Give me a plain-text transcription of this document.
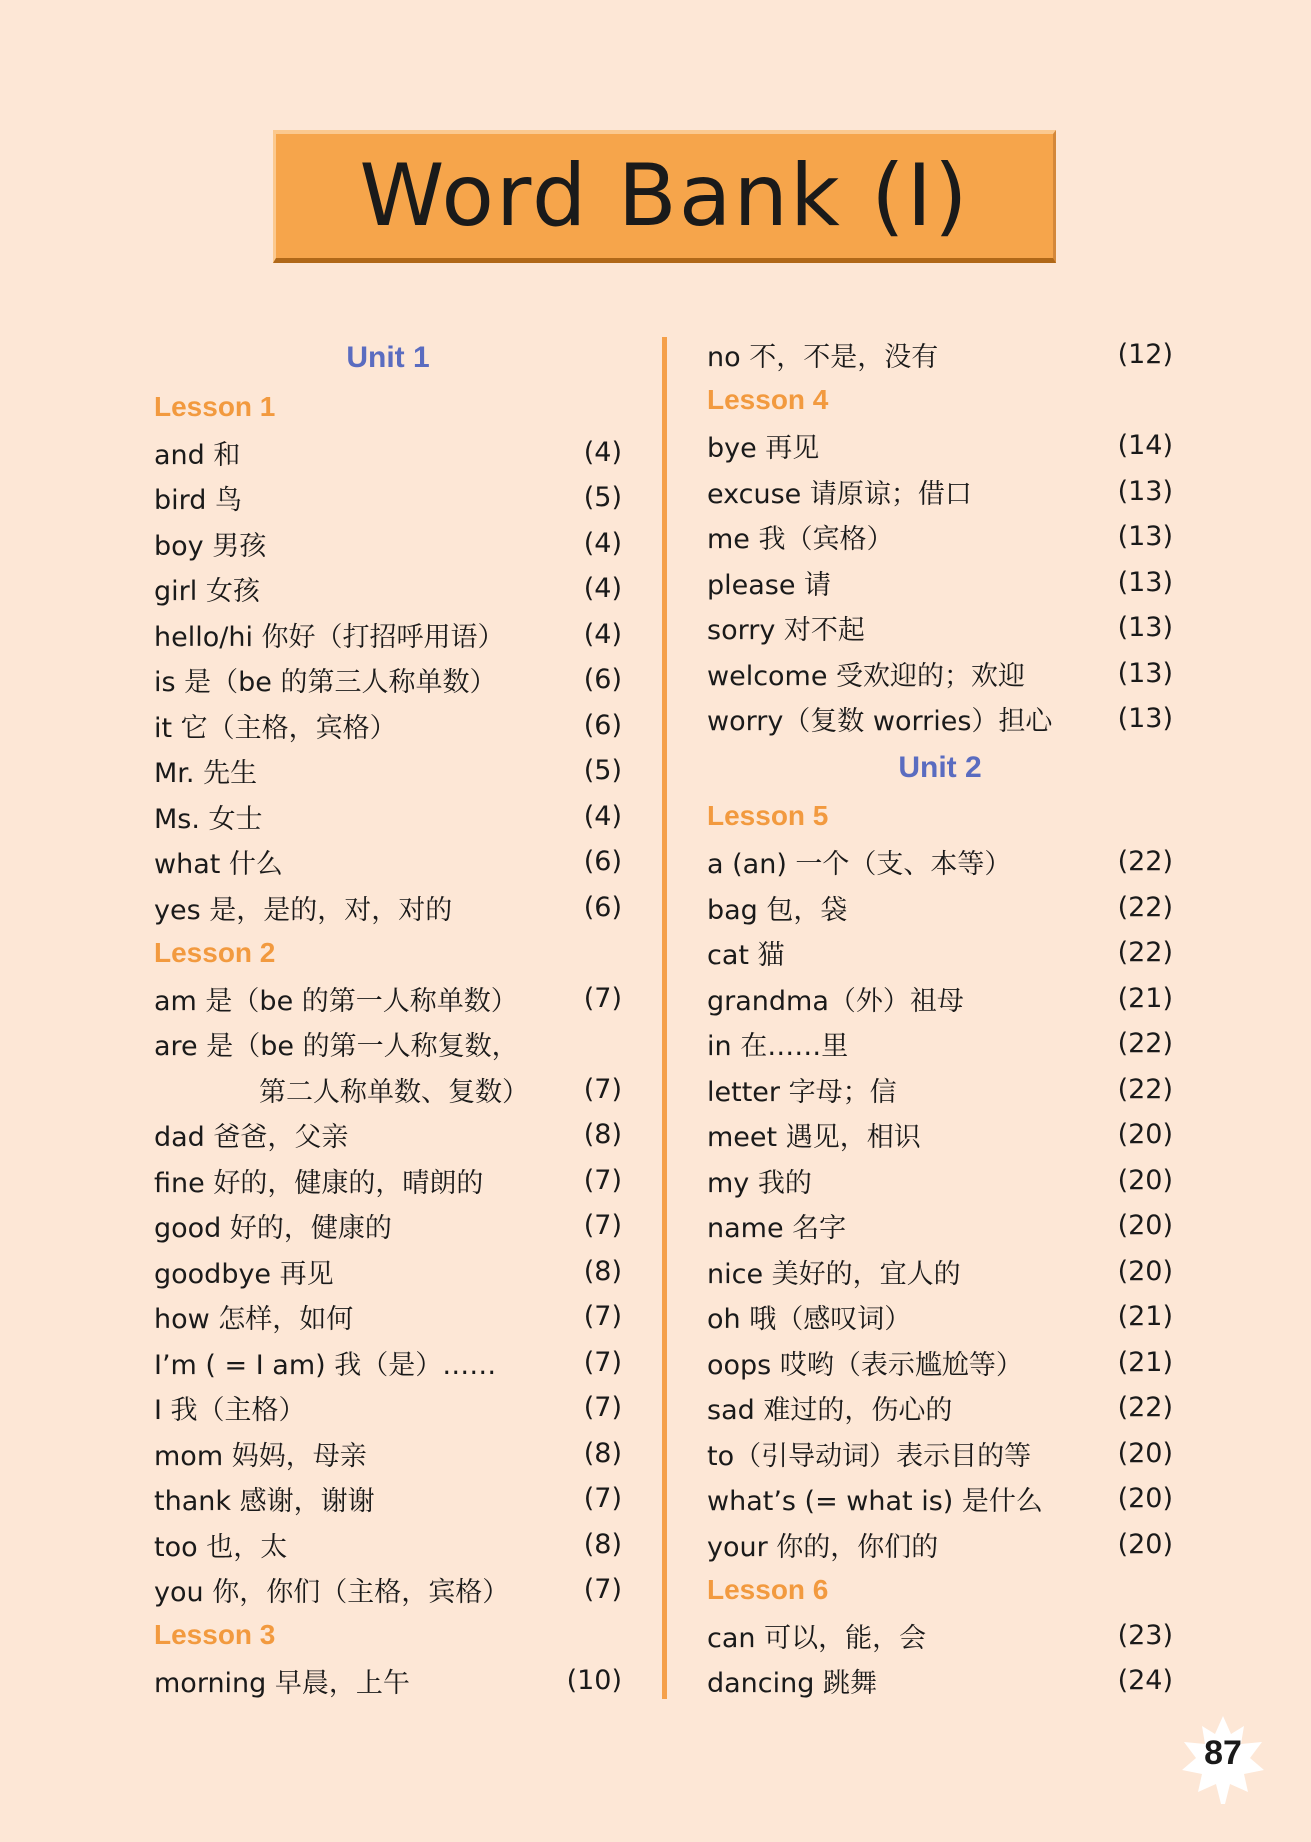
Word Bank (I)
Unit 1
Lesson 1
and 和	(4)
bird 鸟	(5)
boy 男孩	(4)
girl 女孩	(4)
hello/hi 你好（打招呼用语）	(4)
is 是（be 的第三人称单数）	(6)
it 它（主格，宾格）	(6)
Mr. 先生	(5)
Ms. 女士	(4)
what 什么	(6)
yes 是，是的，对，对的	(6)
Lesson 2
am 是（be 的第一人称单数） (7)
are 是（be 的第一人称复数，
第二人称单数、复数） (7)
dad 爸爸，父亲	(8)
fine 好的，健康的，晴朗的	(7)
good 好的，健康的	(7)
goodbye 再见	(8)
how 怎样，如何	(7)
I’m ( = I am) 我（是）……	(7)
I 我（主格）	(7)
mom 妈妈，母亲	(8)
thank 感谢，谢谢	(7)
too 也，太	(8)
you 你，你们（主格，宾格）	(7)
Lesson 3
morning 早晨，上午	(10)
no 不，不是，没有	(12)
Lesson 4
bye 再见	(14)
excuse 请原谅；借口	(13)
me 我（宾格）	(13)
please 请	(13)
sorry 对不起	(13)
welcome 受欢迎的；欢迎	(13)
worry（复数 worries）担心 (13)
Unit 2
Lesson 5
a (an) 一个（支、本等）	(22)
bag 包，袋	(22)
cat 猫	(22)
grandma（外）祖母	(21)
in 在……里	(22)
letter 字母；信	(22)
meet 遇见，相识	(20)
my 我的	(20)
name 名字	(20)
nice 美好的，宜人的	(20)
oh 哦（感叹词）	(21)
oops 哎哟（表示尴尬等）	(21)
sad 难过的，伤心的	(22)
to（引导动词）表示目的等	(20)
what’s (= what is) 是什么	(20)
your 你的，你们的	(20)
Lesson 6
can 可以，能，会	(23)
dancing 跳舞	(24)
87
